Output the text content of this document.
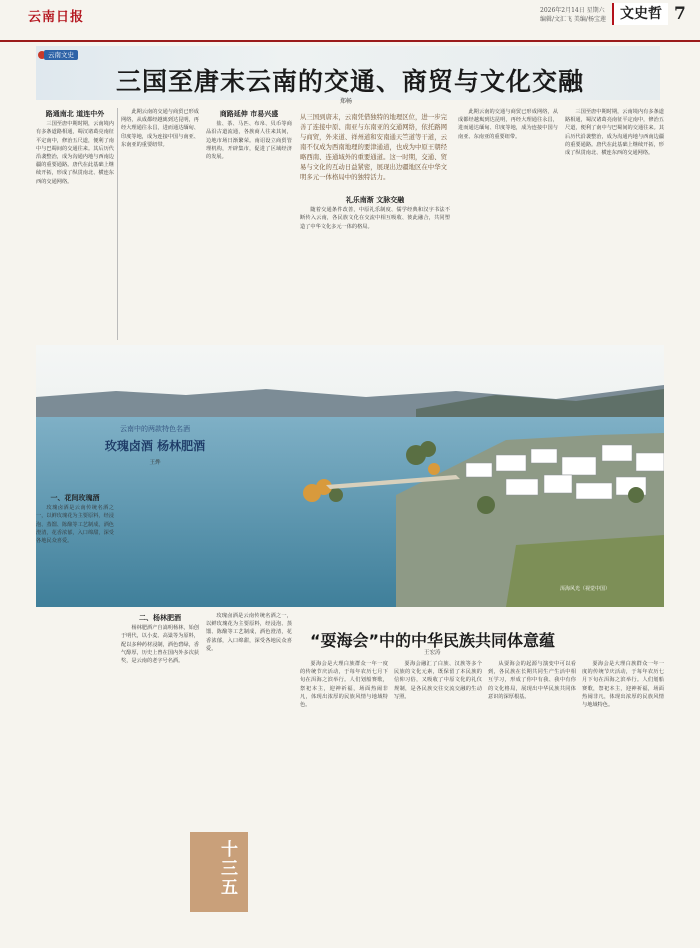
云南日报	2026年2月14日 星期六
编辑/文汇飞 美编/杨宝莲	文史哲 7
云南文史
三国至唐末云南的交通、商贸与文化交融
郑畅
路通南北 道连中外

三国至唐中期时期，云南境内有多条道路相通，蜀汉诸葛亮南征平定南中，修治五尺道，便利了南中与巴蜀间的交通往来。其后历代沿袭整治，成为沟通内地与西南边疆的重要通路。唐代在此基础上继续开拓，形成了纵贯南北、横连东西的交通网络。

此期云南的交通与商贸已形成网络，从成都经越嶲到达昆明，再经大理通往永昌，进而通达缅甸、印度等地，成为连接中国与南亚、东南亚的重要纽带。

商路延伸 市易兴盛

盐、茶、马匹、布帛、贝币等商品沿古道流通，各族商人往来其间，边地市场日渐繁荣。南诏设立商贸管理机构，开辟集市，促进了区域经济的发展。

从三国到唐末，云南凭借独特的地理区位，进一步完善了连接中原、南亚与东南亚的交通网络，依托路网与商贸，外来道、祥州道和安南通天竺道等干道，云南不仅成为西南地理的要津通道，也成为中原王朝经略西南、连通域外的重要通道。这一时期，交通、贸易与文化的互动日益紧密，展现出边疆地区在中华文明多元一体格局中的独特活力。
礼乐南渐 文脉交融

随着交通条件改善，中原礼乐制度、儒学经典和汉字书法不断传入云南，各民族文化在交流中相互吸收、彼此融合，共同塑造了中华文化多元一体的格局。

此期云南的交通与商贸已形成网络，从成都经越嶲到达昆明，再经大理通往永昌，进而通达缅甸、印度等地，成为连接中国与南亚、东南亚的重要纽带。

三国至唐中期时期，云南境内有多条道路相通，蜀汉诸葛亮南征平定南中，修治五尺道，便利了南中与巴蜀间的交通往来。其后历代沿袭整治，成为沟通内地与西南边疆的重要通路。唐代在此基础上继续开拓，形成了纵贯南北、横连东西的交通网络。

洱海风光（视觉中国）
云南中的两款特色名酒
玫瑰卤酒 杨林肥酒
王烨
一、花间玫瑰酒

玫瑰卤酒是云南传统名酒之一，以鲜玫瑰花为主要原料，经浸泡、蒸馏、陈酿等工艺制成，酒色澄清，花香浓郁，入口绵甜，深受各地民众喜爱。

二、杨林肥酒

杨林肥酒产自嵩明杨林，始创于明代，以小麦、高粱等为原料，配以多种药材浸制，酒色碧绿，香气醇厚，历史上曾在国内外多次获奖，是云南的老字号名酒。

玫瑰卤酒是云南传统名酒之一，以鲜玫瑰花为主要原料，经浸泡、蒸馏、陈酿等工艺制成，酒色澄清，花香浓郁，入口绵甜，深受各地民众喜爱。

十三五
“耍海会”中的中华民族共同体意蕴
王宏涛

耍海会是大理白族群众一年一度的传统节庆活动，于每年农历七月下旬在洱海之滨举行。人们划船赛歌，祭祀本主，迎神祈福，场面热闹非凡，体现出浓厚的民族风情与地域特色。

耍海会融汇了白族、汉族等多个民族的文化元素，既保留了本民族的信仰习俗，又吸收了中原文化的礼仪规制，是各民族交往交流交融的生动写照。

从耍海会的起源与演变中可以看到，各民族在长期共同生产生活中相互学习，形成了你中有我、我中有你的文化格局，展现出中华民族共同体意识的深厚根基。

耍海会是大理白族群众一年一度的传统节庆活动，于每年农历七月下旬在洱海之滨举行。人们划船赛歌，祭祀本主，迎神祈福，场面热闹非凡，体现出浓厚的民族风情与地域特色。
